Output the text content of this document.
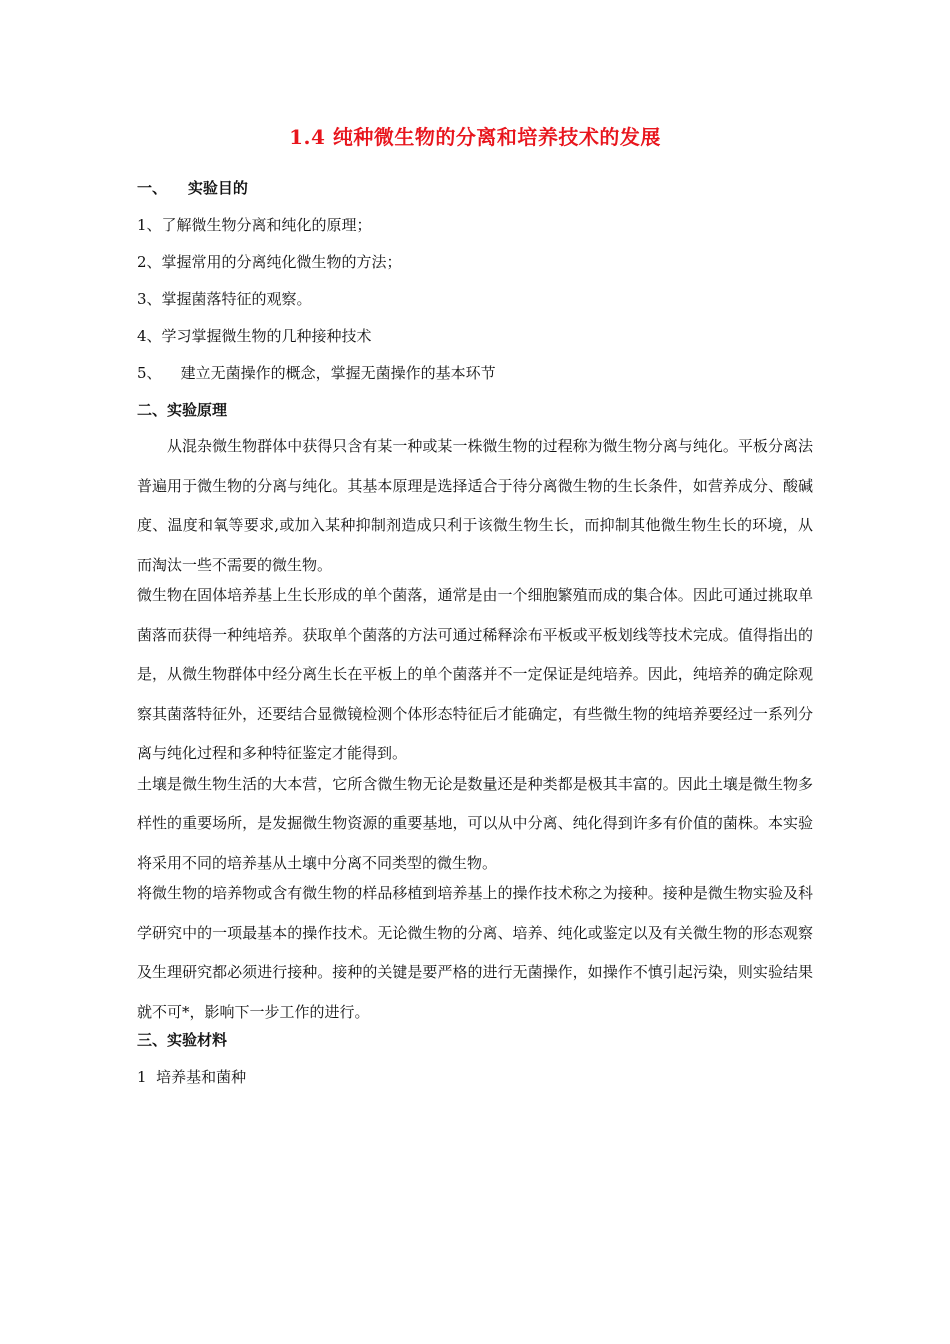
1.4 纯种微生物的分离和培养技术的发展
一、    实验目的
1、了解微生物分离和纯化的原理；
2、掌握常用的分离纯化微生物的方法；
3、掌握菌落特征的观察。
4、学习掌握微生物的几种接种技术
5、    建立无菌操作的概念，掌握无菌操作的基本环节
二、实验原理

从混杂微生物群体中获得只含有某一种或某一株微生物的过程称为微生物分离与纯化。平板分离法普遍用于微生物的分离与纯化。其基本原理是选择适合于待分离微生物的生长条件，如营养成分、酸碱度、温度和氧等要求,或加入某种抑制剂造成只利于该微生物生长，而抑制其他微生物生长的环境，从而淘汰一些不需要的微生物。

微生物在固体培养基上生长形成的单个菌落，通常是由一个细胞繁殖而成的集合体。因此可通过挑取单菌落而获得一种纯培养。获取单个菌落的方法可通过稀释涂布平板或平板划线等技术完成。值得指出的是，从微生物群体中经分离生长在平板上的单个菌落并不一定保证是纯培养。因此，纯培养的确定除观察其菌落特征外，还要结合显微镜检测个体形态特征后才能确定，有些微生物的纯培养要经过一系列分离与纯化过程和多种特征鉴定才能得到。

土壤是微生物生活的大本营，它所含微生物无论是数量还是种类都是极其丰富的。因此土壤是微生物多样性的重要场所，是发掘微生物资源的重要基地，可以从中分离、纯化得到许多有价值的菌株。本实验将采用不同的培养基从土壤中分离不同类型的微生物。

将微生物的培养物或含有微生物的样品移植到培养基上的操作技术称之为接种。接种是微生物实验及科学研究中的一项最基本的操作技术。无论微生物的分离、培养、纯化或鉴定以及有关微生物的形态观察及生理研究都必须进行接种。接种的关键是要严格的进行无菌操作，如操作不慎引起污染，则实验结果就不可*，影响下一步工作的进行。

三、实验材料
1  培养基和菌种
